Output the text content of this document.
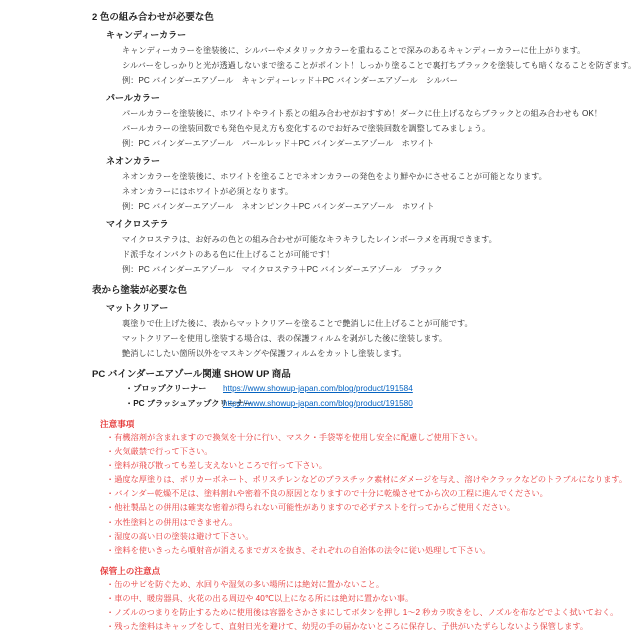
2 色の組み合わせが必要な色
キャンディーカラー

キャンディーカラーを塗装後に、シルバーやメタリックカラーを重ねることで深みのあるキャンディーカラーに仕上がります。

シルバーをしっかりと光が透過しないまで塗ることがポイント！しっかり塗ることで裏打ちブラックを塗装しても暗くなることを防ぎます。

例：PC バインダーエアゾール　キャンディーレッド＋PC バインダーエアゾール　シルバー

パールカラー

パールカラーを塗装後に、ホワイトやライト系との組み合わせがおすすめ！ダークに仕上げるならブラックとの組み合わせも OK！

パールカラーの塗装回数でも発色や見え方も変化するのでお好みで塗装回数を調整してみましょう。

例：PC バインダーエアゾール　パールレッド＋PC バインダーエアゾール　ホワイト

ネオンカラー

ネオンカラーを塗装後に、ホワイトを塗ることでネオンカラーの発色をより鮮やかにさせることが可能となります。

ネオンカラーにはホワイトが必須となります。

例：PC バインダーエアゾール　ネオンピンク＋PC バインダーエアゾール　ホワイト

マイクロステラ

マイクロステラは、お好みの色との組み合わせが可能なキラキラしたレインボーラメを再現できます。

ド派手なインパクトのある色に仕上げることが可能です！

例：PC バインダーエアゾール　マイクロステラ＋PC バインダーエアゾール　ブラック

表から塗装が必要な色
マットクリアー

裏塗りで仕上げた後に、表からマットクリアーを塗ることで艶消しに仕上げることが可能です。

マットクリアーを使用し塗装する場合は、表の保護フィルムを剥がした後に塗装します。

艶消しにしたい箇所以外をマスキングや保護フィルムをカットし塗装します。

PC バインダーエアゾール関連 SHOW UP 商品
・プロップクリーナー	https://www.showup-japan.com/blog/product/191584
・PC ブラッシュアップクリーナー
https://www.showup-japan.com/blog/product/191580
注意事項

・有機溶剤が含まれますので換気を十分に行い、マスク・手袋等を使用し安全に配慮しご使用下さい。

・火気厳禁で行って下さい。

・塗料が飛び散っても差し支えないところで行って下さい。

・過度な厚塗りは、ポリカーボネート、ポリスチレンなどのプラスチック素材にダメージを与え、溶けやクラックなどのトラブルになります。

・バインダー乾燥不足は、塗料割れや密着不良の原因となりますので十分に乾燥させてから次の工程に進んでください。

・他社製品との併用は確実な密着が得られない可能性がありますので必ずテストを行ってからご使用ください。

・水性塗料との併用はできません。

・湿度の高い日の塗装は避けて下さい。

・塗料を使いきったら噴射音が消えるまでガスを抜き、それぞれの自治体の法令に従い処理して下さい。

保管上の注意点

・缶のサビを防ぐため、水回りや湿気の多い場所には絶対に置かないこと。

・車の中、暖房器具、火花の出る周辺や 40℃以上になる所には絶対に置かない事。

・ノズルのつまりを防止するために使用後は容器をさかさまにしてボタンを押し 1～2 秒カラ吹きをし、ノズルを布などでよく拭いておく。

・残った塗料はキャップをして、直射日光を避けて、幼児の手の届かないところに保存し、子供がいたずらしないよう保管します。
